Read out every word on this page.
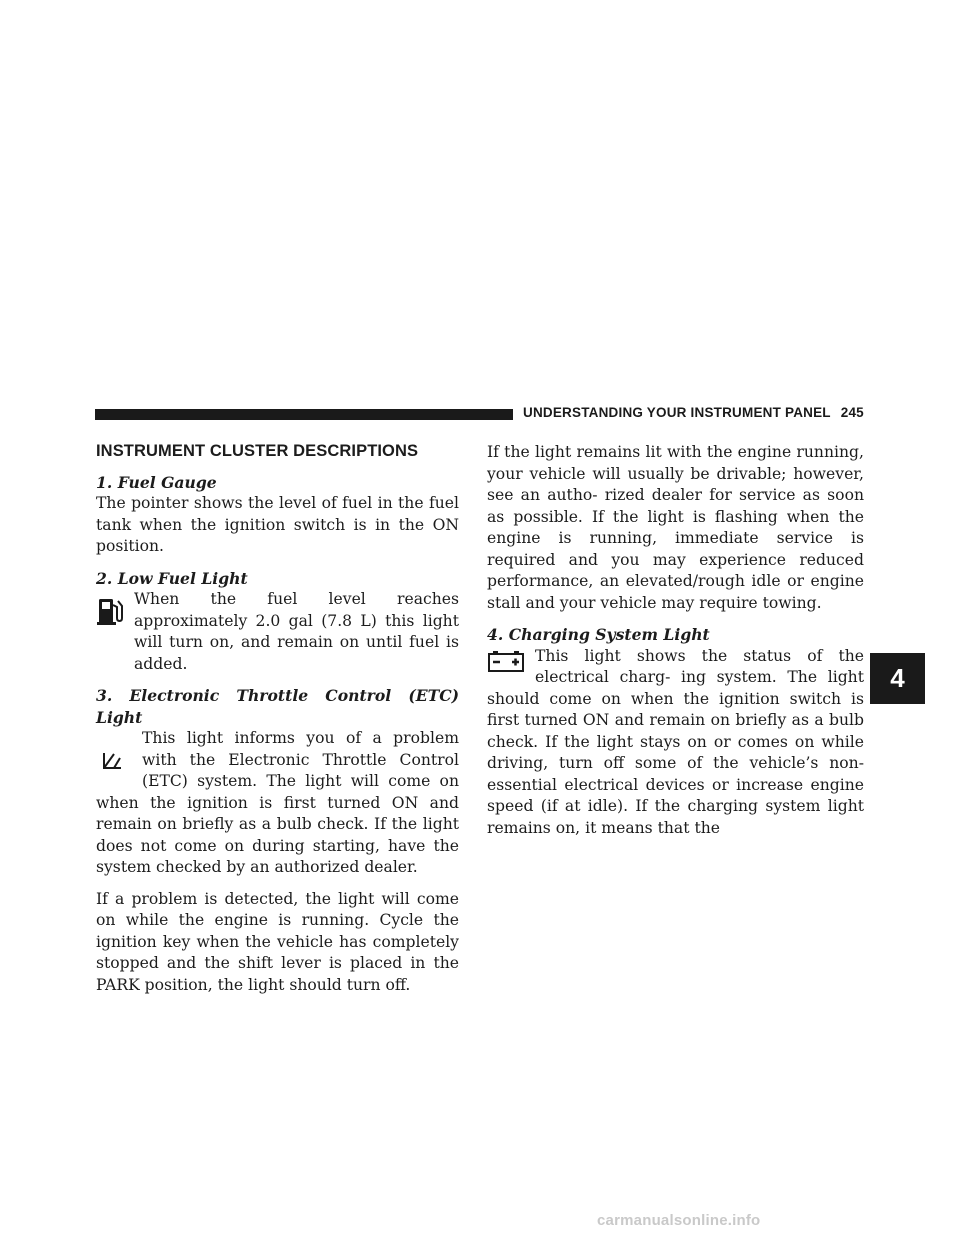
UNDERSTANDING YOUR INSTRUMENT PANEL 245
INSTRUMENT CLUSTER DESCRIPTIONS
1. Fuel Gauge

The pointer shows the level of fuel in the fuel tank when the ignition switch is in the ON position.

2. Low Fuel Light
When the fuel level reaches approximately 2.0 gal (7.8 L) this light will turn on, and remain on until fuel is added.
3. Electronic Throttle Control (ETC) Light

This light informs you of a problem with the Electronic Throttle Control (ETC) system. The light will come on when the ignition is first turned ON and remain on briefly as a bulb check. If the light does not come on during starting, have the system checked by an authorized dealer.

If a problem is detected, the light will come on while the engine is running. Cycle the ignition key when the vehicle has completely stopped and the shift lever is placed in the PARK position, the light should turn off.

If the light remains lit with the engine running, your vehicle will usually be drivable; however, see an autho- rized dealer for service as soon as possible. If the light is flashing when the engine is running, immediate service is required and you may experience reduced performance, an elevated/rough idle or engine stall and your vehicle may require towing.

4. Charging System Light

This light shows the status of the electrical charg- ing system. The light should come on when the ignition switch is first turned ON and remain on briefly as a bulb check. If the light stays on or comes on while driving, turn off some of the vehicle’s non-essential electrical devices or increase engine speed (if at idle). If the charging system light remains on, it means that the

4
carmanualsonline.info
